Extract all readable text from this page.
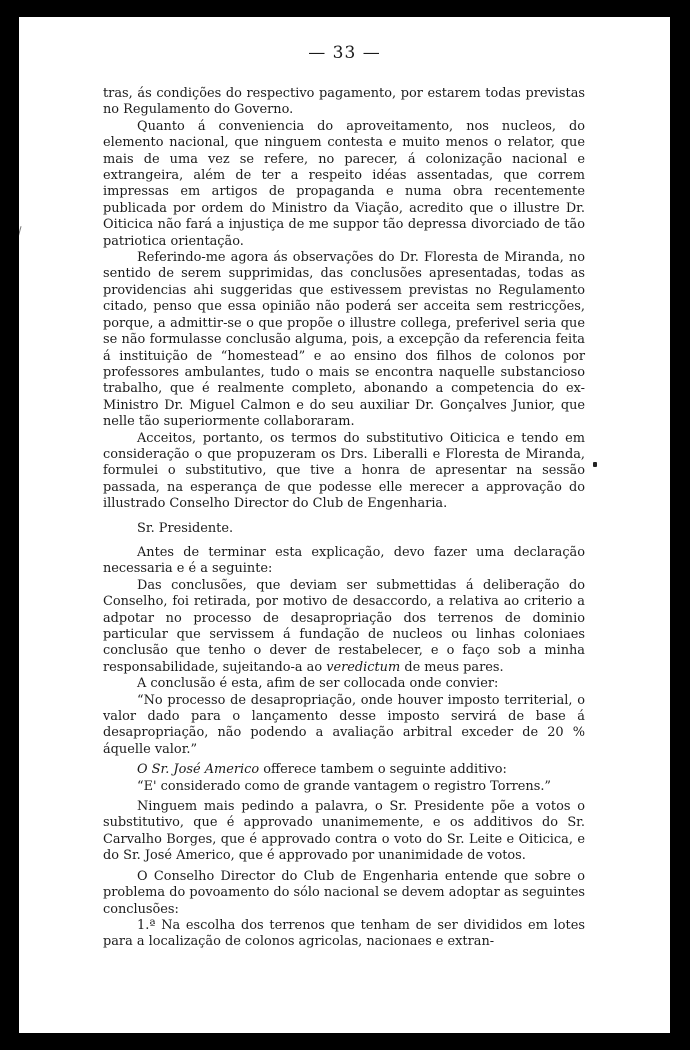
— 33 —

tras, ás condições do respectivo pagamento, por estarem todas previstas no Regulamento do Governo.

Quanto á conveniencia do aproveitamento, nos nucleos, do elemento nacional, que ninguem contesta e muito menos o relator, que mais de uma vez se refere, no parecer, á colonização nacional e extrangeira, além de ter a respeito idéas assentadas, que correm impressas em artigos de propaganda e numa obra recentemente publicada por ordem do Ministro da Viação, acredito que o illustre Dr. Oiticica não fará a injustiça de me suppor tão depressa divorciado de tão patriotica orientação.

Referindo-me agora ás observações do Dr. Floresta de Miranda, no sentido de serem supprimidas, das conclusões apresentadas, todas as providencias ahi suggeridas que estivessem previstas no Regulamento citado, penso que essa opinião não poderá ser acceita sem restricções, porque, a admittir-se o que propõe o illustre collega, preferivel seria que se não formulasse conclusão alguma, pois, a excepção da referencia feita á instituição de “homestead” e ao ensino dos filhos de colonos por professores ambulantes, tudo o mais se encontra naquelle substancioso trabalho, que é realmente completo, abonando a competencia do ex-Ministro Dr. Miguel Calmon e do seu auxiliar Dr. Gonçalves Junior, que nelle tão superiormente collaboraram.

Acceitos, portanto, os termos do substitutivo Oiticica e tendo em consideração o que propuzeram os Drs. Liberalli e Floresta de Miranda, formulei o substitutivo, que tive a honra de apresentar na sessão passada, na esperança de que podesse elle merecer a approvação do illustrado Conselho Director do Club de Engenharia.

Sr. Presidente.

Antes de terminar esta explicação, devo fazer uma declaração necessaria e é a seguinte:

Das conclusões, que deviam ser submettidas á deliberação do Conselho, foi retirada, por motivo de desaccordo, a relativa ao criterio a adpotar no processo de desapropriação dos terrenos de dominio particular que servissem á fundação de nucleos ou linhas coloniaes conclusão que tenho o dever de restabelecer, e o faço sob a minha responsabilidade, sujeitando-a ao veredictum de meus pares.

A conclusão é esta, afim de ser collocada onde convier:

“No processo de desapropriação, onde houver imposto territerial, o valor dado para o lançamento desse imposto servirá de base á desapropriação, não podendo a avaliação arbitral exceder de 20 % áquelle valor.”

O Sr. José Americo offerece tambem o seguinte additivo:

“E' considerado como de grande vantagem o registro Torrens.”

Ninguem mais pedindo a palavra, o Sr. Presidente põe a votos o substitutivo, que é approvado unanimemente, e os additivos do Sr. Carvalho Borges, que é approvado contra o voto do Sr. Leite e Oiticica, e do Sr. José Americo, que é approvado por unanimidade de votos.

O Conselho Director do Club de Engenharia entende que sobre o problema do povoamento do sólo nacional se devem adoptar as seguintes conclusões:

1.ª Na escolha dos terrenos que tenham de ser divididos em lotes para a localização de colonos agricolas, nacionaes e extran-
